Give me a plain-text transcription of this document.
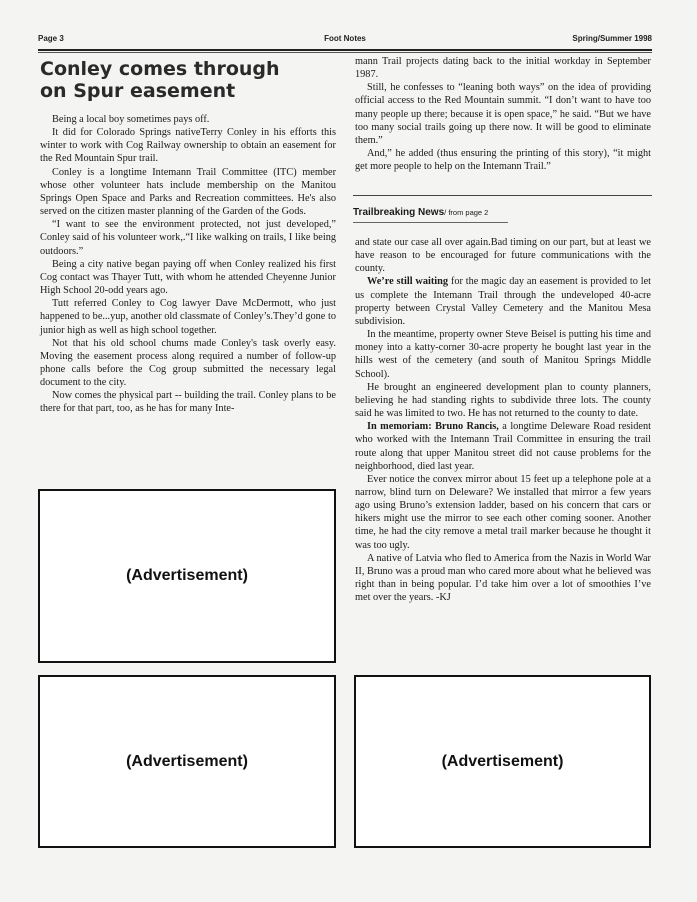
Page 3	Foot Notes	Spring/Summer 1998
Conley comes through
on Spur easement

Being a local boy sometimes pays off.

It did for Colorado Springs nativeTerry Conley in his efforts this winter to work with Cog Railway ownership to obtain an easement for the Red Mountain Spur trail.

Conley is a longtime Intemann Trail Committee (ITC) member whose other volunteer hats include membership on the Manitou Springs Open Space and Parks and Recreation committees. He's also served on the citizen master planning of the Garden of the Gods.

“I want to see the environment protected, not just developed,” Conley said of his volunteer work,.“I like walking on trails, I like being outdoors.”

Being a city native began paying off when Conley realized his first Cog contact was Thayer Tutt, with whom he attended Cheyenne Junior High School 20-odd years ago.

Tutt referred Conley to Cog lawyer Dave McDermott, who just happened to be...yup, another old classmate of Conley’s.They’d gone to junior high as well as high school together.

Not that his old school chums made Conley's task overly easy. Moving the easement process along required a number of follow-up phone calls before the Cog group submitted the necessary legal document to the city.

Now comes the physical part -- building the trail. Conley plans to be there for that part, too, as he has for many Inte-

mann Trail projects dating back to the initial workday in September 1987.

Still, he confesses to “leaning both ways” on the idea of providing official access to the Red Mountain summit. “I don’t want to have too many people up there; because it is open space,” he said. “But we have too many social trails going up there now. It will be good to eliminate them.”

And,” he added (thus ensuring the printing of this story), “it might get more people to help on the Intemann Trail.”

Trailbreaking News/ from page 2

and state our case all over again.Bad timing on our part, but at least we have reason to be encouraged for future communications with the county.

We’re still waiting for the magic day an easement is provided to let us complete the Intemann Trail through the undeveloped 40-acre property between Crystal Valley Cemetery and the Manitou Mesa subdivision.

In the meantime, property owner Steve Beisel is putting his time and money into a katty-corner 30-acre property he bought last year in the hills west of the cemetery (and south of Manitou Springs Middle School).

He brought an engineered development plan to county planners, believing he had standing rights to subdivide three lots. The county said he was limited to two. He has not returned to the county to date.

In memoriam: Bruno Rancis, a longtime Deleware Road resident who worked with the Intemann Trail Committee in ensuring the trail route along that upper Manitou street did not cause problems for the neighborhood, died last year.

Ever notice the convex mirror about 15 feet up a telephone pole at a narrow, blind turn on Deleware? We installed that mirror a few years ago using Bruno’s extension ladder, based on his concern that cars or hikers might use the mirror to see each other coming sooner. Another time, he had the city remove a metal trail marker because he thought it was too ugly.

A native of Latvia who fled to America from the Nazis in World War II, Bruno was a proud man who cared more about what he believed was right than in being popular. I’d take him over a lot of smoothies I’ve met over the years. -KJ

(Advertisement)
(Advertisement)	(Advertisement)
